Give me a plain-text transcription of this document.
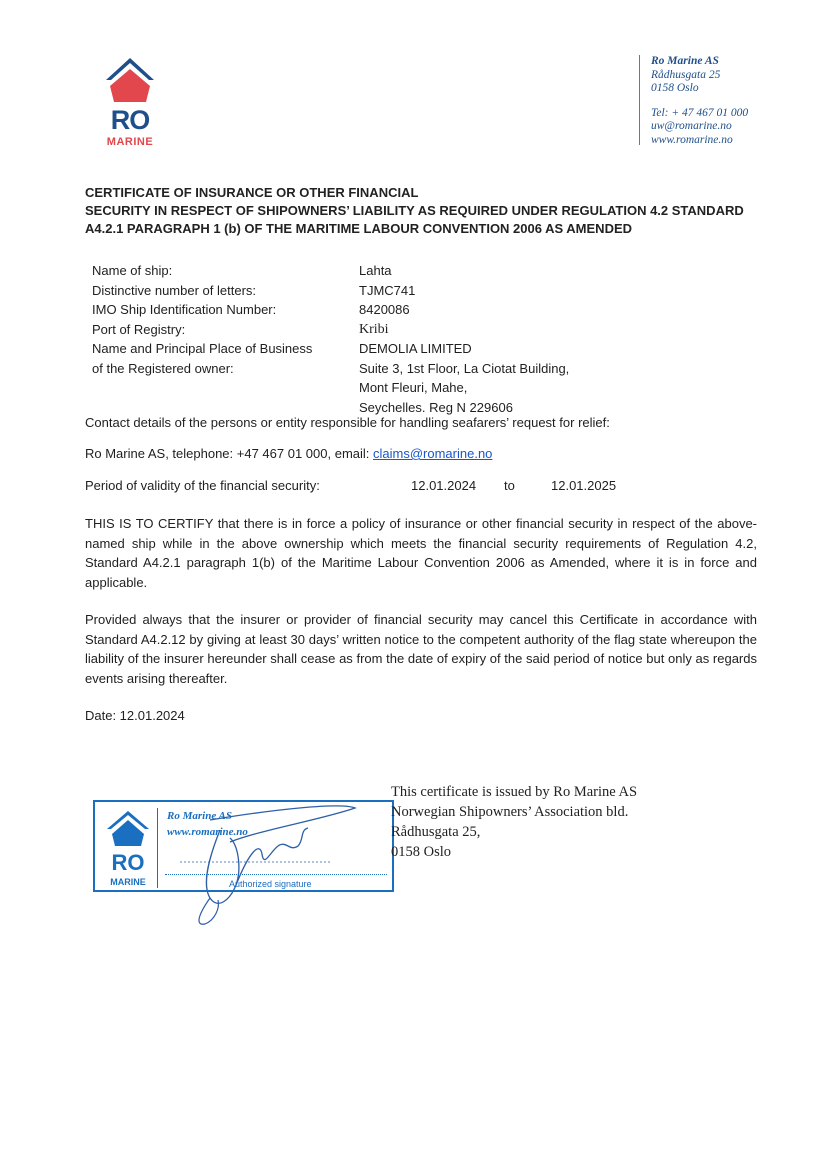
RO
MARINE
Ro Marine AS
Rådhusgata 25
0158 Oslo
Tel: + 47 467 01 000
uw@romarine.no
www.romarine.no
CERTIFICATE OF INSURANCE OR OTHER FINANCIAL
SECURITY IN RESPECT OF SHIPOWNERS’ LIABILITY AS REQUIRED UNDER REGULATION 4.2 STANDARD
A4.2.1 PARAGRAPH 1 (b) OF THE MARITIME LABOUR CONVENTION 2006 AS AMENDED
Name of ship:	Lahta
Distinctive number of letters:	TJMC741
IMO Ship Identification Number:	8420086
Port of Registry:	Kribi
Name and Principal Place of Business
of the Registered owner:
DEMOLIA LIMITED
Suite 3, 1st Floor, La Ciotat Building,
Mont Fleuri, Mahe,
Seychelles. Reg N 229606
Contact details of the persons or entity responsible for handling seafarers’ request for relief:
Ro Marine AS, telephone: +47 467 01 000, email: claims@romarine.no
Period of validity of the financial security:	12.01.2024 to	12.01.2025
THIS IS TO CERTIFY that there is in force a policy of insurance or other financial security in respect of the above-named ship while in the above ownership which meets the financial security requirements of Regulation 4.2, Standard A4.2.1 paragraph 1(b) of the Maritime Labour Convention 2006 as Amended, where it is in force and applicable.
Provided always that the insurer or provider of financial security may cancel this Certificate in accordance with Standard A4.2.12 by giving at least 30 days’ written notice to the competent authority of the flag state whereupon the liability of the insurer hereunder shall cease as from the date of expiry of the said period of notice but only as regards events arising thereafter.
Date: 12.01.2024
RO
MARINE
Ro Marine AS
www.romarine.no
Authorized signature
This certificate is issued by Ro Marine AS
Norwegian Shipowners’ Association bld.
Rådhusgata 25,
0158 Oslo
